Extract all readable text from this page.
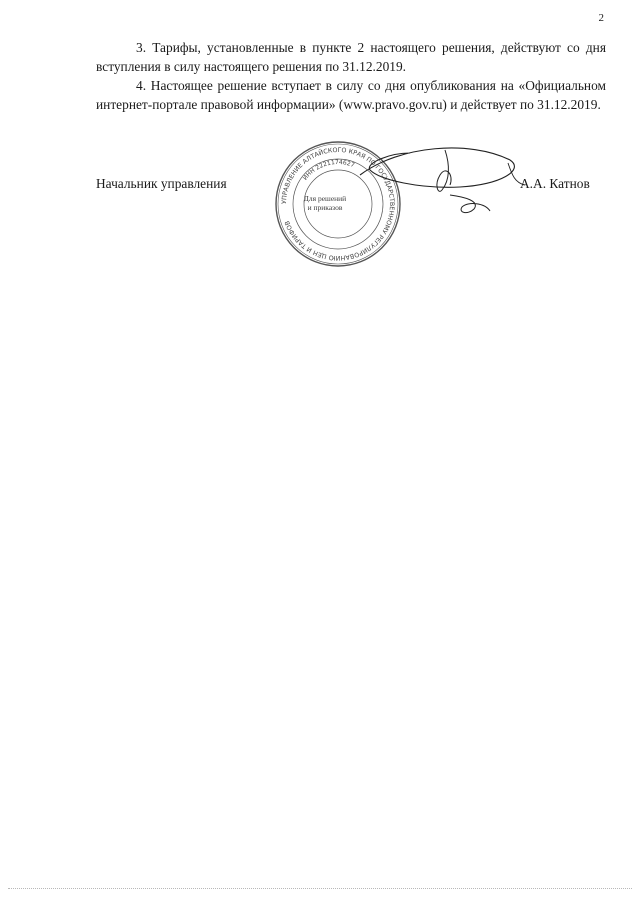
2

3. Тарифы, установленные в пункте 2 настоящего решения, действуют со дня вступления в силу настоящего решения по 31.12.2019.

4. Настоящее решение вступает в силу со дня опубликования на «Официальном интернет-портале правовой информации» (www.pravo.gov.ru) и действует по 31.12.2019.

Начальник управления
УПРАВЛЕНИЕ АЛТАЙСКОГО КРАЯ ПО ГОСУДАРСТВЕННОМУ РЕГУЛИРОВАНИЮ ЦЕН И ТАРИФОВ
ИНН 2221174627
Для решений
и приказов
А.А. Катнов
